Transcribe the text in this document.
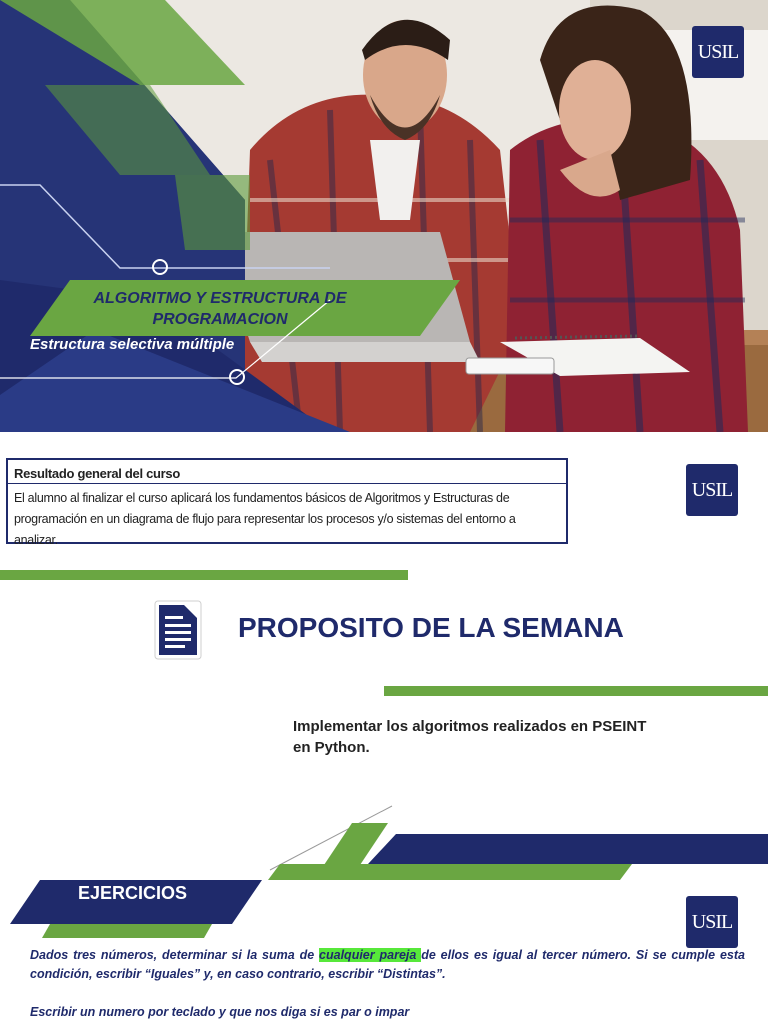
USIL
ALGORITMO Y ESTRUCTURA DE PROGRAMACION
Estructura selectiva múltiple
Resultado general del curso
El alumno al finalizar el curso aplicará los fundamentos básicos de Algoritmos y Estructuras de programación en un diagrama de flujo para representar los procesos y/o sistemas del entorno a analizar.
USIL
PROPOSITO DE LA SEMANA
Implementar los algoritmos realizados en PSEINT en Python.
EJERCICIOS
USIL
Dados tres números, determinar si la suma de cualquier pareja de ellos es igual al tercer número. Si se cumple esta condición, escribir “Iguales” y, en caso contrario, escribir “Distintas”.
Escribir un numero por teclado y que nos diga si es par o impar
